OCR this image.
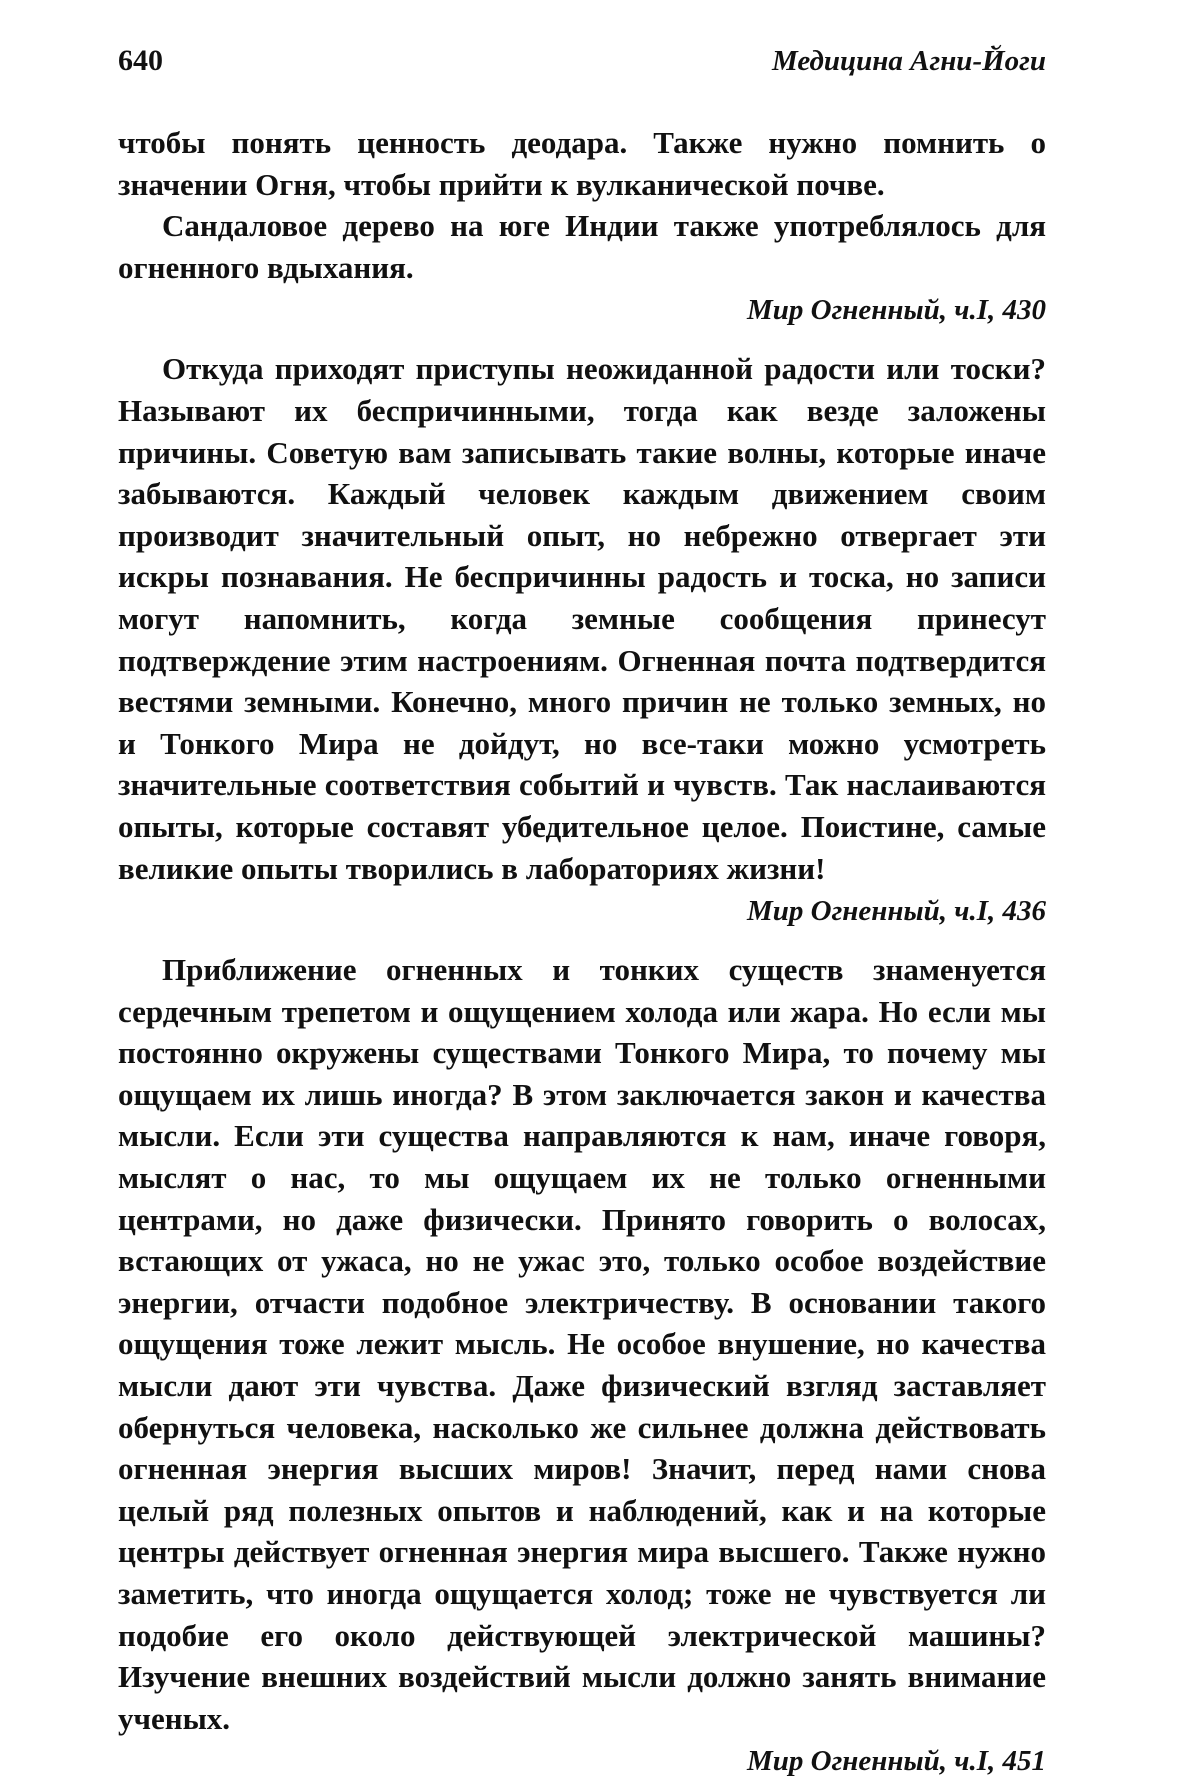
640	Медицина Агни-Йоги

чтобы понять ценность деодара. Также нужно помнить о значении Огня, чтобы прийти к вулканической почве.

Сандаловое дерево на юге Индии также употреблялось для огненного вдыхания.

Мир Огненный, ч.I, 430

Откуда приходят приступы неожиданной радости или тоски? Называют их беспричинными, тогда как везде заложены причины. Советую вам записывать такие волны, которые иначе забываются. Каждый человек каждым движением своим производит значительный опыт, но небрежно отвергает эти искры познавания. Не беспричинны радость и тоска, но записи могут напомнить, когда земные сообщения принесут подтверждение этим настроениям. Огненная почта подтвердится вестями земными. Конечно, много причин не только земных, но и Тонкого Мира не дойдут, но все-таки можно усмотреть значительные соответствия событий и чувств. Так наслаиваются опыты, которые составят убедительное целое. Поистине, самые великие опыты творились в лабораториях жизни!

Мир Огненный, ч.I, 436

Приближение огненных и тонких существ знаменуется сердечным трепетом и ощущением холода или жара. Но если мы постоянно окружены существами Тонкого Мира, то почему мы ощущаем их лишь иногда? В этом заключается закон и качества мысли. Если эти существа направляются к нам, иначе говоря, мыслят о нас, то мы ощущаем их не только огненными центрами, но даже физически. Принято говорить о волосах, встающих от ужаса, но не ужас это, только особое воздействие энергии, отчасти подобное электричеству. В основании такого ощущения тоже лежит мысль. Не особое внушение, но качества мысли дают эти чувства. Даже физический взгляд заставляет обернуться человека, насколько же сильнее должна действовать огненная энергия высших миров! Значит, перед нами снова целый ряд полезных опытов и наблюдений, как и на которые центры действует огненная энергия мира высшего. Также нужно заметить, что иногда ощущается холод; тоже не чувствуется ли подобие его около действующей электрической машины? Изучение внешних воздействий мысли должно занять внимание ученых.

Мир Огненный, ч.I, 451
